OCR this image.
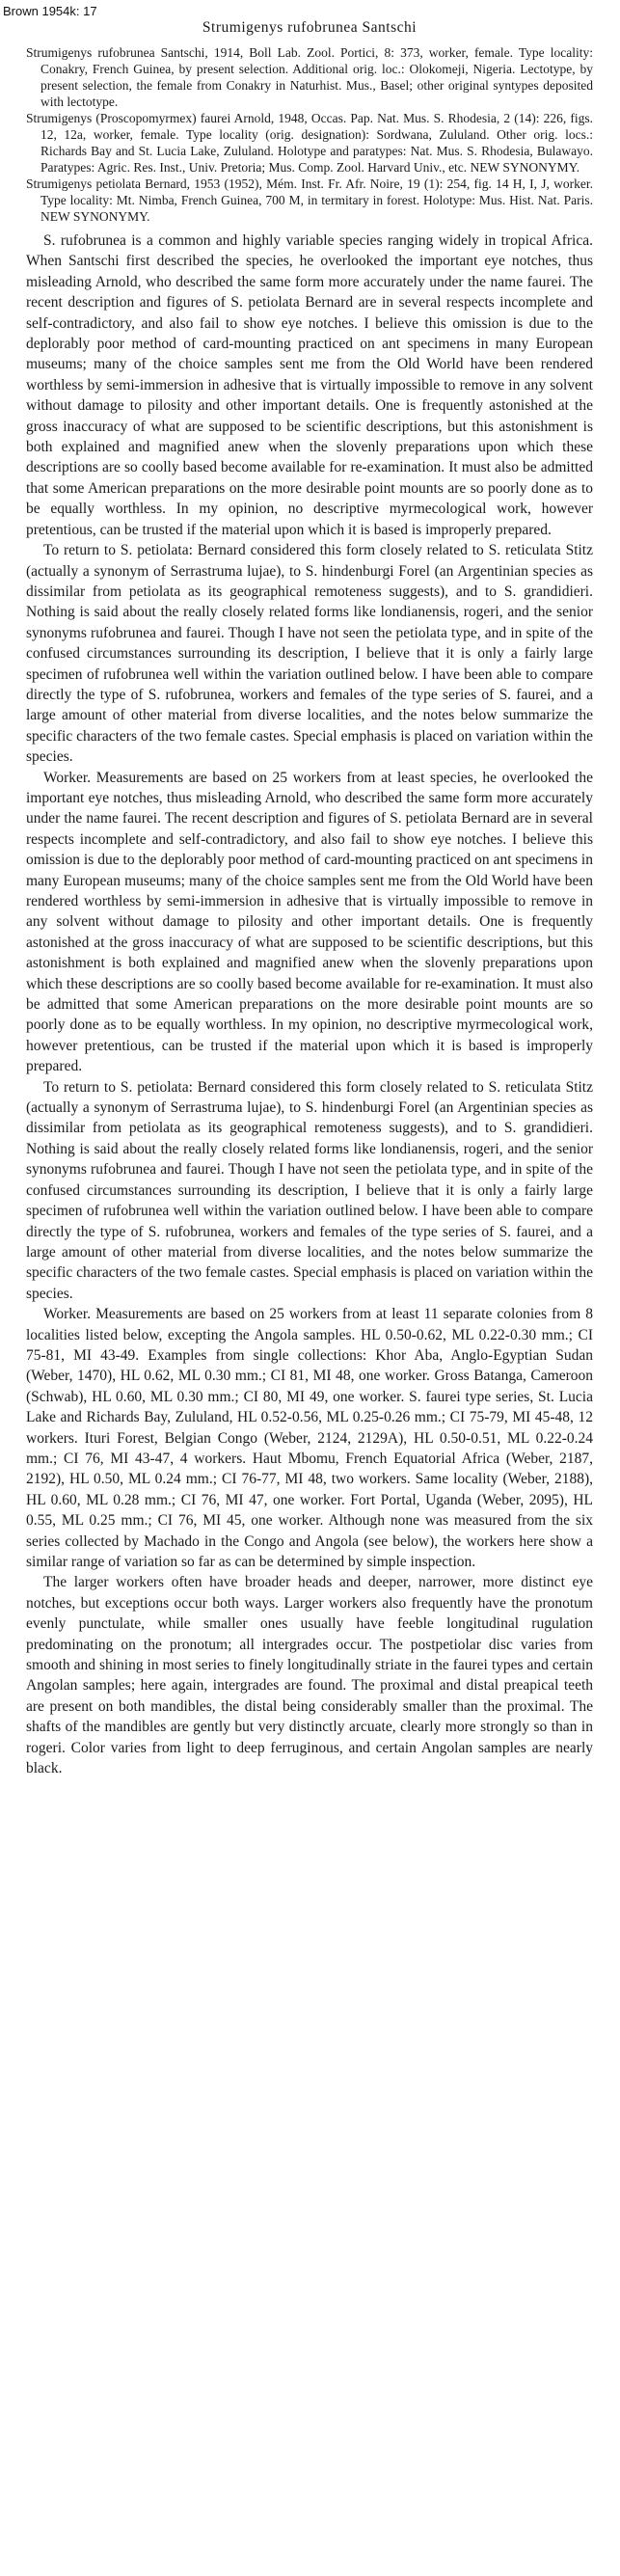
Brown 1954k: 17
Strumigenys rufobrunea Santschi

Strumigenys rufobrunea Santschi, 1914, Boll Lab. Zool. Portici, 8: 373, worker, female. Type locality: Conakry, French Guinea, by present selection. Additional orig. loc.: Olokomeji, Nigeria. Lectotype, by present selection, the female from Conakry in Naturhist. Mus., Basel; other original syntypes deposited with lectotype.

Strumigenys (Proscopomyrmex) faurei Arnold, 1948, Occas. Pap. Nat. Mus. S. Rhodesia, 2 (14): 226, figs. 12, 12a, worker, female. Type locality (orig. designation): Sordwana, Zululand. Other orig. locs.: Richards Bay and St. Lucia Lake, Zululand. Holotype and paratypes: Nat. Mus. S. Rhodesia, Bulawayo. Paratypes: Agric. Res. Inst., Univ. Pretoria; Mus. Comp. Zool. Harvard Univ., etc. NEW SYNONYMY.

Strumigenys petiolata Bernard, 1953 (1952), Mém. Inst. Fr. Afr. Noire, 19 (1): 254, fig. 14 H, I, J, worker. Type locality: Mt. Nimba, French Guinea, 700 M, in termitary in forest. Holotype: Mus. Hist. Nat. Paris. NEW SYNONYMY.

S. rufobrunea is a common and highly variable species ranging widely in tropical Africa. When Santschi first described the species, he overlooked the important eye notches, thus misleading Arnold, who described the same form more accurately under the name faurei. The recent description and figures of S. petiolata Bernard are in several respects incomplete and self-contradictory, and also fail to show eye notches. I believe this omission is due to the deplorably poor method of card-mounting practiced on ant specimens in many European museums; many of the choice samples sent me from the Old World have been rendered worthless by semi-immersion in adhesive that is virtually impossible to remove in any solvent without damage to pilosity and other important details. One is frequently astonished at the gross inaccuracy of what are supposed to be scientific descriptions, but this astonishment is both explained and magnified anew when the slovenly preparations upon which these descriptions are so coolly based become available for re-examination. It must also be admitted that some American preparations on the more desirable point mounts are so poorly done as to be equally worthless. In my opinion, no descriptive myrmecological work, however pretentious, can be trusted if the material upon which it is based is improperly prepared.

To return to S. petiolata: Bernard considered this form closely related to S. reticulata Stitz (actually a synonym of Serrastruma lujae), to S. hindenburgi Forel (an Argentinian species as dissimilar from petiolata as its geographical remoteness suggests), and to S. grandidieri. Nothing is said about the really closely related forms like londianensis, rogeri, and the senior synonyms rufobrunea and faurei. Though I have not seen the petiolata type, and in spite of the confused circumstances surrounding its description, I believe that it is only a fairly large specimen of rufobrunea well within the variation outlined below. I have been able to compare directly the type of S. rufobrunea, workers and females of the type series of S. faurei, and a large amount of other material from diverse localities, and the notes below summarize the specific characters of the two female castes. Special emphasis is placed on variation within the species.

Worker. Measurements are based on 25 workers from at least species, he overlooked the important eye notches, thus misleading Arnold, who described the same form more accurately under the name faurei. The recent description and figures of S. petiolata Bernard are in several respects incomplete and self-contradictory, and also fail to show eye notches. I believe this omission is due to the deplorably poor method of card-mounting practiced on ant specimens in many European museums; many of the choice samples sent me from the Old World have been rendered worthless by semi-immersion in adhesive that is virtually impossible to remove in any solvent without damage to pilosity and other important details. One is frequently astonished at the gross inaccuracy of what are supposed to be scientific descriptions, but this astonishment is both explained and magnified anew when the slovenly preparations upon which these descriptions are so coolly based become available for re-examination. It must also be admitted that some American preparations on the more desirable point mounts are so poorly done as to be equally worthless. In my opinion, no descriptive myrmecological work, however pretentious, can be trusted if the material upon which it is based is improperly prepared.

To return to S. petiolata: Bernard considered this form closely related to S. reticulata Stitz (actually a synonym of Serrastruma lujae), to S. hindenburgi Forel (an Argentinian species as dissimilar from petiolata as its geographical remoteness suggests), and to S. grandidieri. Nothing is said about the really closely related forms like londianensis, rogeri, and the senior synonyms rufobrunea and faurei. Though I have not seen the petiolata type, and in spite of the confused circumstances surrounding its description, I believe that it is only a fairly large specimen of rufobrunea well within the variation outlined below. I have been able to compare directly the type of S. rufobrunea, workers and females of the type series of S. faurei, and a large amount of other material from diverse localities, and the notes below summarize the specific characters of the two female castes. Special emphasis is placed on variation within the species.

Worker. Measurements are based on 25 workers from at least 11 separate colonies from 8 localities listed below, excepting the Angola samples. HL 0.50-0.62, ML 0.22-0.30 mm.; CI 75-81, MI 43-49. Examples from single collections: Khor Aba, Anglo-Egyptian Sudan (Weber, 1470), HL 0.62, ML 0.30 mm.; CI 81, MI 48, one worker. Gross Batanga, Cameroon (Schwab), HL 0.60, ML 0.30 mm.; CI 80, MI 49, one worker. S. faurei type series, St. Lucia Lake and Richards Bay, Zululand, HL 0.52-0.56, ML 0.25-0.26 mm.; CI 75-79, MI 45-48, 12 workers. Ituri Forest, Belgian Congo (Weber, 2124, 2129A), HL 0.50-0.51, ML 0.22-0.24 mm.; CI 76, MI 43-47, 4 workers. Haut Mbomu, French Equatorial Africa (Weber, 2187, 2192), HL 0.50, ML 0.24 mm.; CI 76-77, MI 48, two workers. Same locality (Weber, 2188), HL 0.60, ML 0.28 mm.; CI 76, MI 47, one worker. Fort Portal, Uganda (Weber, 2095), HL 0.55, ML 0.25 mm.; CI 76, MI 45, one worker. Although none was measured from the six series collected by Machado in the Congo and Angola (see below), the workers here show a similar range of variation so far as can be determined by simple inspection.

The larger workers often have broader heads and deeper, narrower, more distinct eye notches, but exceptions occur both ways. Larger workers also frequently have the pronotum evenly punctulate, while smaller ones usually have feeble longitudinal rugulation predominating on the pronotum; all intergrades occur. The postpetiolar disc varies from smooth and shining in most series to finely longitudinally striate in the faurei types and certain Angolan samples; here again, intergrades are found. The proximal and distal preapical teeth are present on both mandibles, the distal being considerably smaller than the proximal. The shafts of the mandibles are gently but very distinctly arcuate, clearly more strongly so than in rogeri. Color varies from light to deep ferruginous, and certain Angolan samples are nearly black.
